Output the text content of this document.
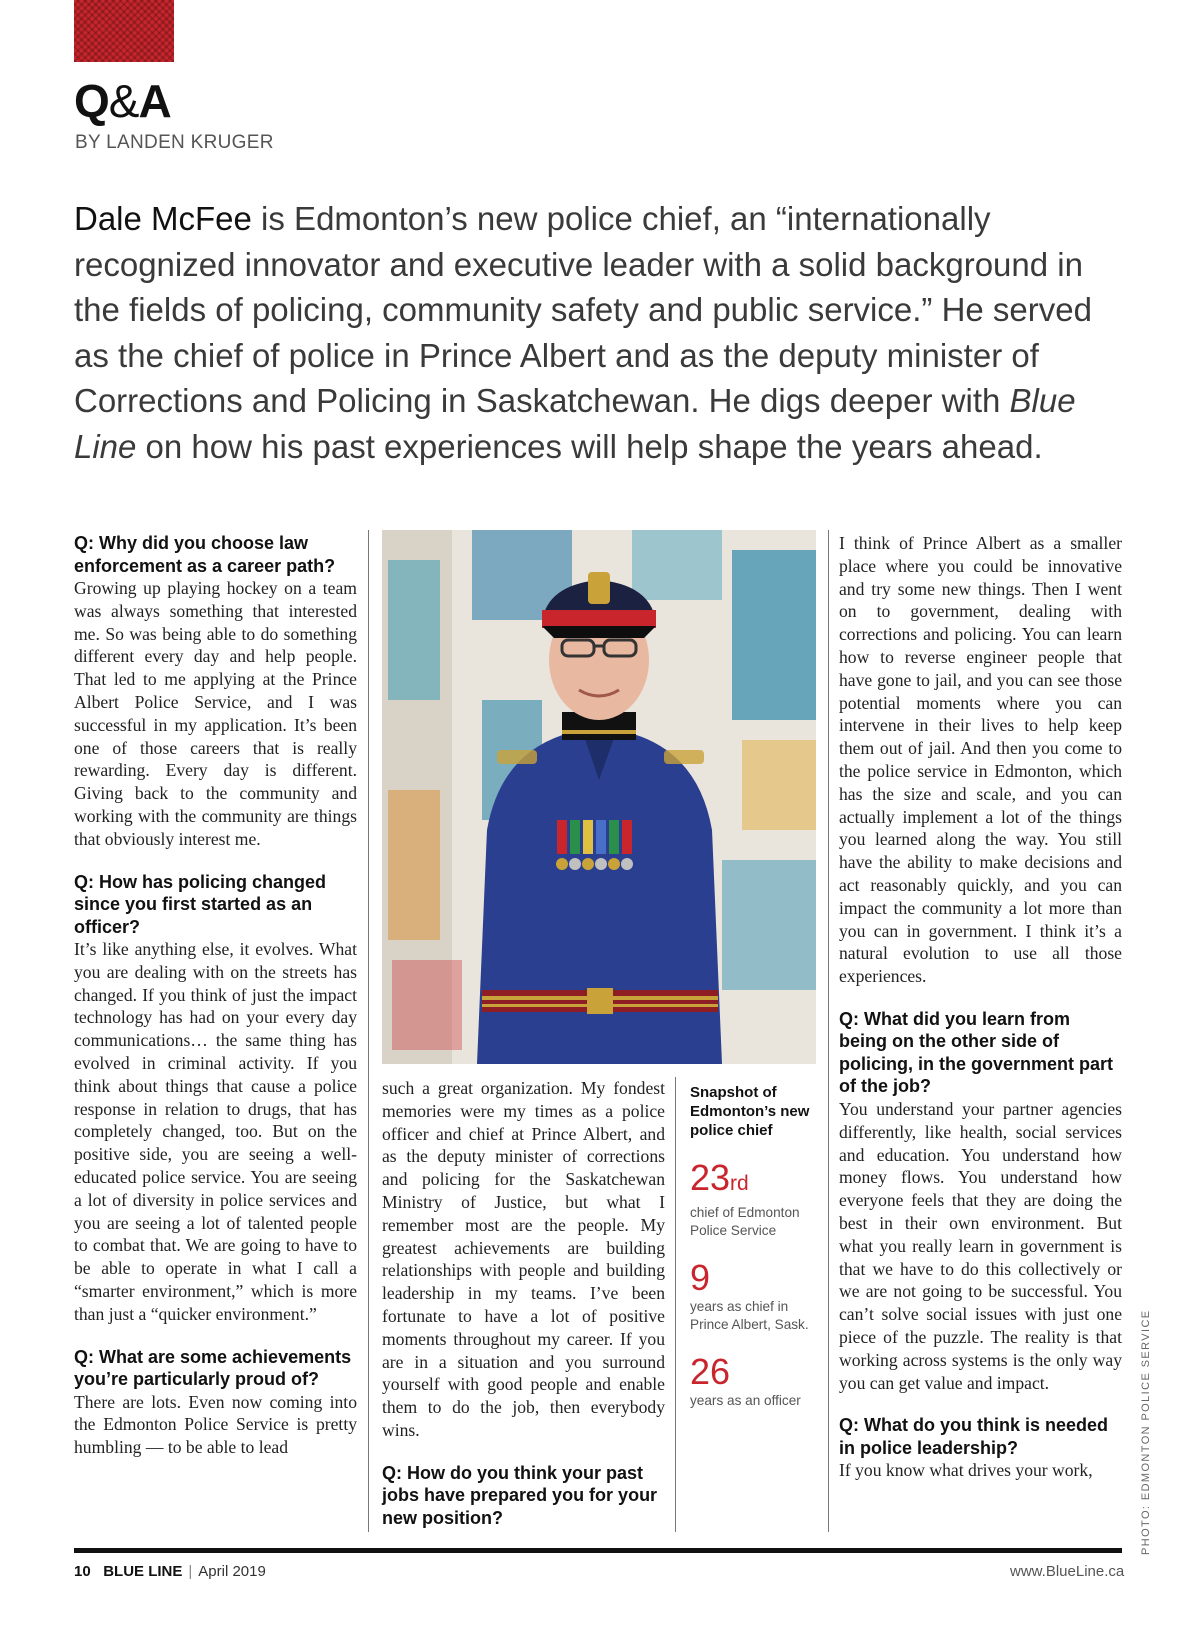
Q&A
BY LANDEN KRUGER
Dale McFee is Edmonton’s new police chief, an “internationally recognized innovator and executive leader with a solid background in the fields of policing, community safety and public service.” He served as the chief of police in Prince Albert and as the deputy minister of Corrections and Policing in Saskatchewan. He digs deeper with Blue Line on how his past experiences will help shape the years ahead.

Q: Why did you choose law enforcement as a career path?

Growing up playing hockey on a team was always something that interested me. So was being able to do something different every day and help people. That led to me applying at the Prince Albert Police Service, and I was successful in my application. It’s been one of those careers that is really rewarding. Every day is different. Giving back to the community and working with the community are things that obviously interest me.

Q: How has policing changed since you first started as an officer?

It’s like anything else, it evolves. What you are dealing with on the streets has changed. If you think of just the impact technology has had on your every day communications… the same thing has evolved in criminal activity. If you think about things that cause a police response in relation to drugs, that has completely changed, too. But on the positive side, you are seeing a well-educated police service. You are seeing a lot of diversity in police services and you are seeing a lot of talented people to combat that. We are going to have to be able to operate in what I call a “smarter environment,” which is more than just a “quicker environment.”

Q: What are some achievements you’re particularly proud of?

There are lots. Even now coming into the Edmonton Police Service is pretty humbling — to be able to lead

such a great organization. My fondest memories were my times as a police officer and chief at Prince Albert, and as the deputy minister of corrections and policing for the Saskatchewan Ministry of Justice, but what I remember most are the people. My greatest achievements are building relationships with people and building leadership in my teams. I’ve been fortunate to have a lot of positive moments throughout my career. If you are in a situation and you surround yourself with good people and enable them to do the job, then everybody wins.

Q: How do you think your past jobs have prepared you for your new position?

Snapshot of Edmonton’s new police chief
23rd
chief of Edmonton Police Service
9
years as chief in Prince Albert, Sask.
26
years as an officer

I think of Prince Albert as a smaller place where you could be innovative and try some new things. Then I went on to government, dealing with corrections and policing. You can learn how to reverse engineer people that have gone to jail, and you can see those potential moments where you can intervene in their lives to help keep them out of jail. And then you come to the police service in Edmonton, which has the size and scale, and you can actually implement a lot of the things you learned along the way. You still have the ability to make decisions and act reasonably quickly, and you can impact the community a lot more than you can in government. I think it’s a natural evolution to use all those experiences.

Q: What did you learn from being on the other side of policing, in the government part of the job?

You understand your partner agencies differently, like health, social services and education. You understand how money flows. You understand how everyone feels that they are doing the best in their own environment. But what you really learn in government is that we have to do this collectively or we are not going to be successful. You can’t solve social issues with just one piece of the puzzle. The reality is that working across systems is the only way you can get value and impact.

Q: What do you think is needed in police leadership?

If you know what drives your work,	PHOTO: EDMONTON POLICE SERVICE
10 BLUE LINE | April 2019	www.BlueLine.ca
